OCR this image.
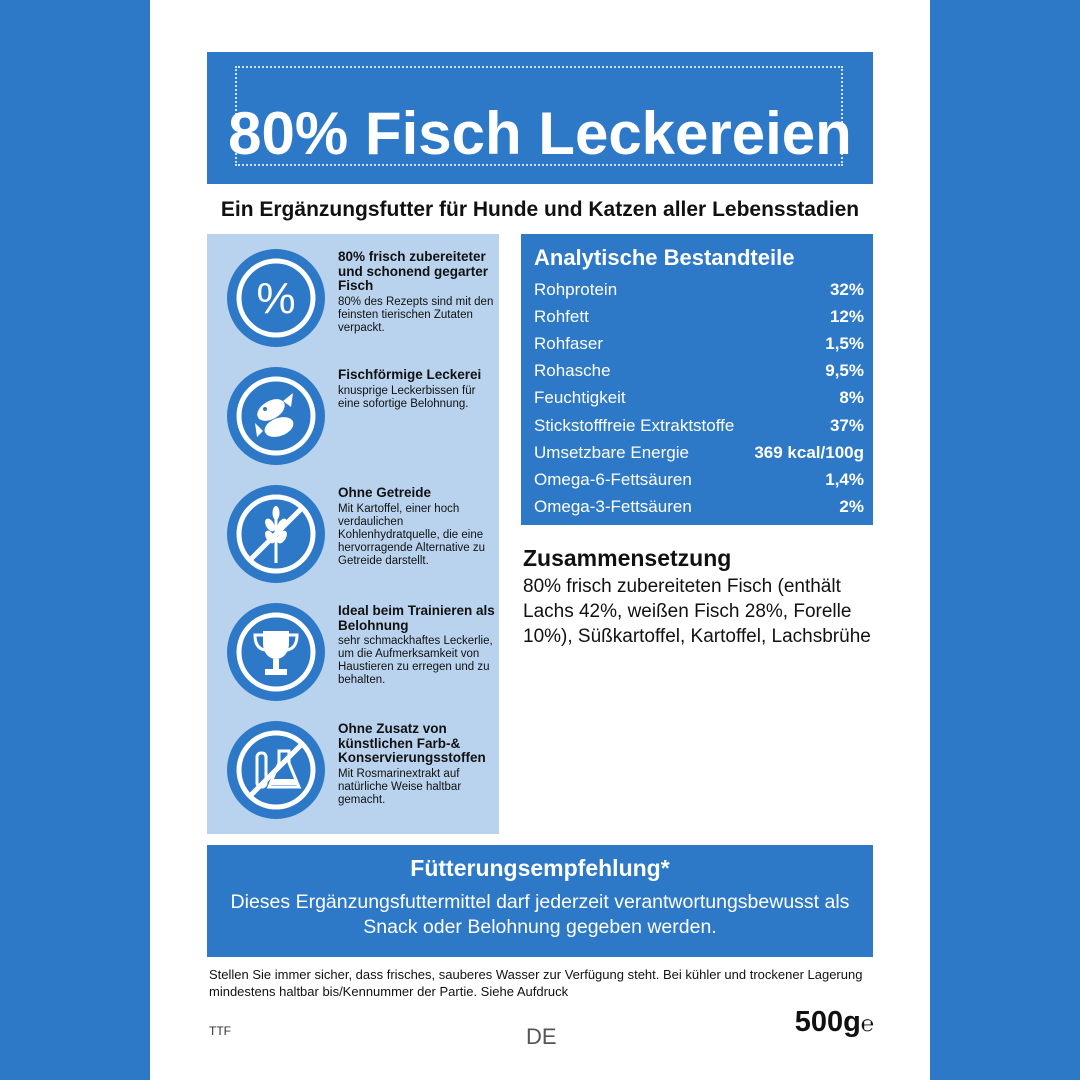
80% Fisch Leckereien
Ein Ergänzungsfutter für Hunde und Katzen aller Lebensstadien
%
80% frisch zubereiteter und schonend gegarter Fisch
80% des Rezepts sind mit den feinsten tierischen Zutaten verpackt.
Fischförmige Leckerei
knusprige Leckerbissen für eine sofortige Belohnung.
Ohne Getreide
Mit Kartoffel, einer hoch verdaulichen Kohlenhydratquelle, die eine hervorragende Alternative zu Getreide darstellt.
Ideal beim Trainieren als Belohnung
sehr schmackhaftes Leckerlie, um die Aufmerksamkeit von Haustieren zu erregen und zu behalten.
Ohne Zusatz von künstlichen Farb-& Konservierungsstoffen
Mit Rosmarinextrakt auf natürliche Weise haltbar gemacht.
Analytische Bestandteile
Rohprotein	32%
Rohfett	12%
Rohfaser	1,5%
Rohasche	9,5%
Feuchtigkeit	8%
Stickstofffreie Extraktstoffe	37%
Umsetzbare Energie	369 kcal/100g
Omega-6-Fettsäuren	1,4%
Omega-3-Fettsäuren	2%
Zusammensetzung
80% frisch zubereiteten Fisch (enthält Lachs 42%, weißen Fisch 28%, Forelle 10%), Süßkartoffel, Kartoffel, Lachsbrühe
Fütterungsempfehlung*

Dieses Ergänzungsfuttermittel darf jederzeit verantwortungsbewusst als Snack oder Belohnung gegeben werden.

Stellen Sie immer sicher, dass frisches, sauberes Wasser zur Verfügung steht. Bei kühler und trockener Lagerung mindestens haltbar bis/Kennummer der Partie. Siehe Aufdruck
TTF	DE	500g℮
